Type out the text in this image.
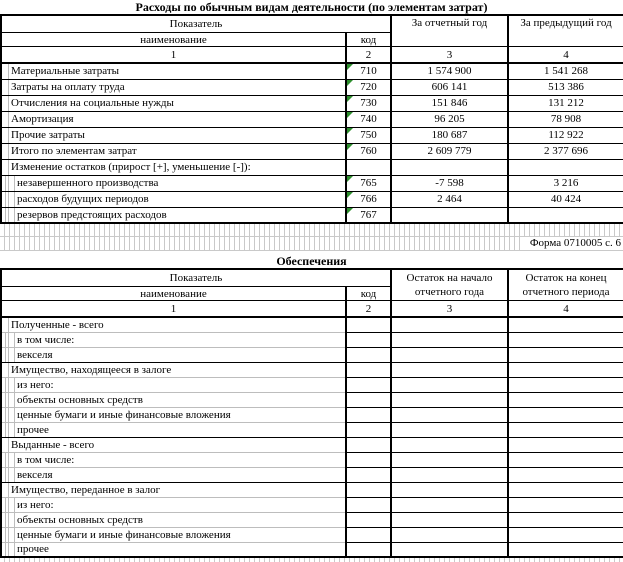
Расходы по обычным видам деятельности (по элементам затрат)
Показатель		За отчетный год	За предыдущий год
наименование	код		
1	2	3	4
Материальные затраты	710	1 574 900	1 541 268
Затраты на оплату труда	720	606 141	513 386
Отчисления на социальные нужды	730	151 846	131 212
Амортизация	740	96 205	78 908
Прочие затраты	750	180 687	112 922
Итого по элементам затрат	760	2 609 779	2 377 696
Изменение остатков (прирост [+], уменьшение [-]):			
незавершенного производства	765	-7 598	3 216
расходов будущих периодов	766	2 464	40 424
резервов предстоящих расходов	767		
Форма 0710005 с. 6
Обеспечения
Показатель		Остаток на начало отчетного года	Остаток на конец отчетного периода
наименование	код		
1	2	3	4
Полученные - всего			
в том числе:			
векселя			
Имущество, находящееся в залоге			
из него:			
объекты основных средств			
ценные бумаги и иные финансовые вложения			
прочее			
Выданные - всего			
в том числе:			
векселя			
Имущество, переданное в залог			
из него:			
объекты основных средств			
ценные бумаги и иные финансовые вложения			
прочее			
